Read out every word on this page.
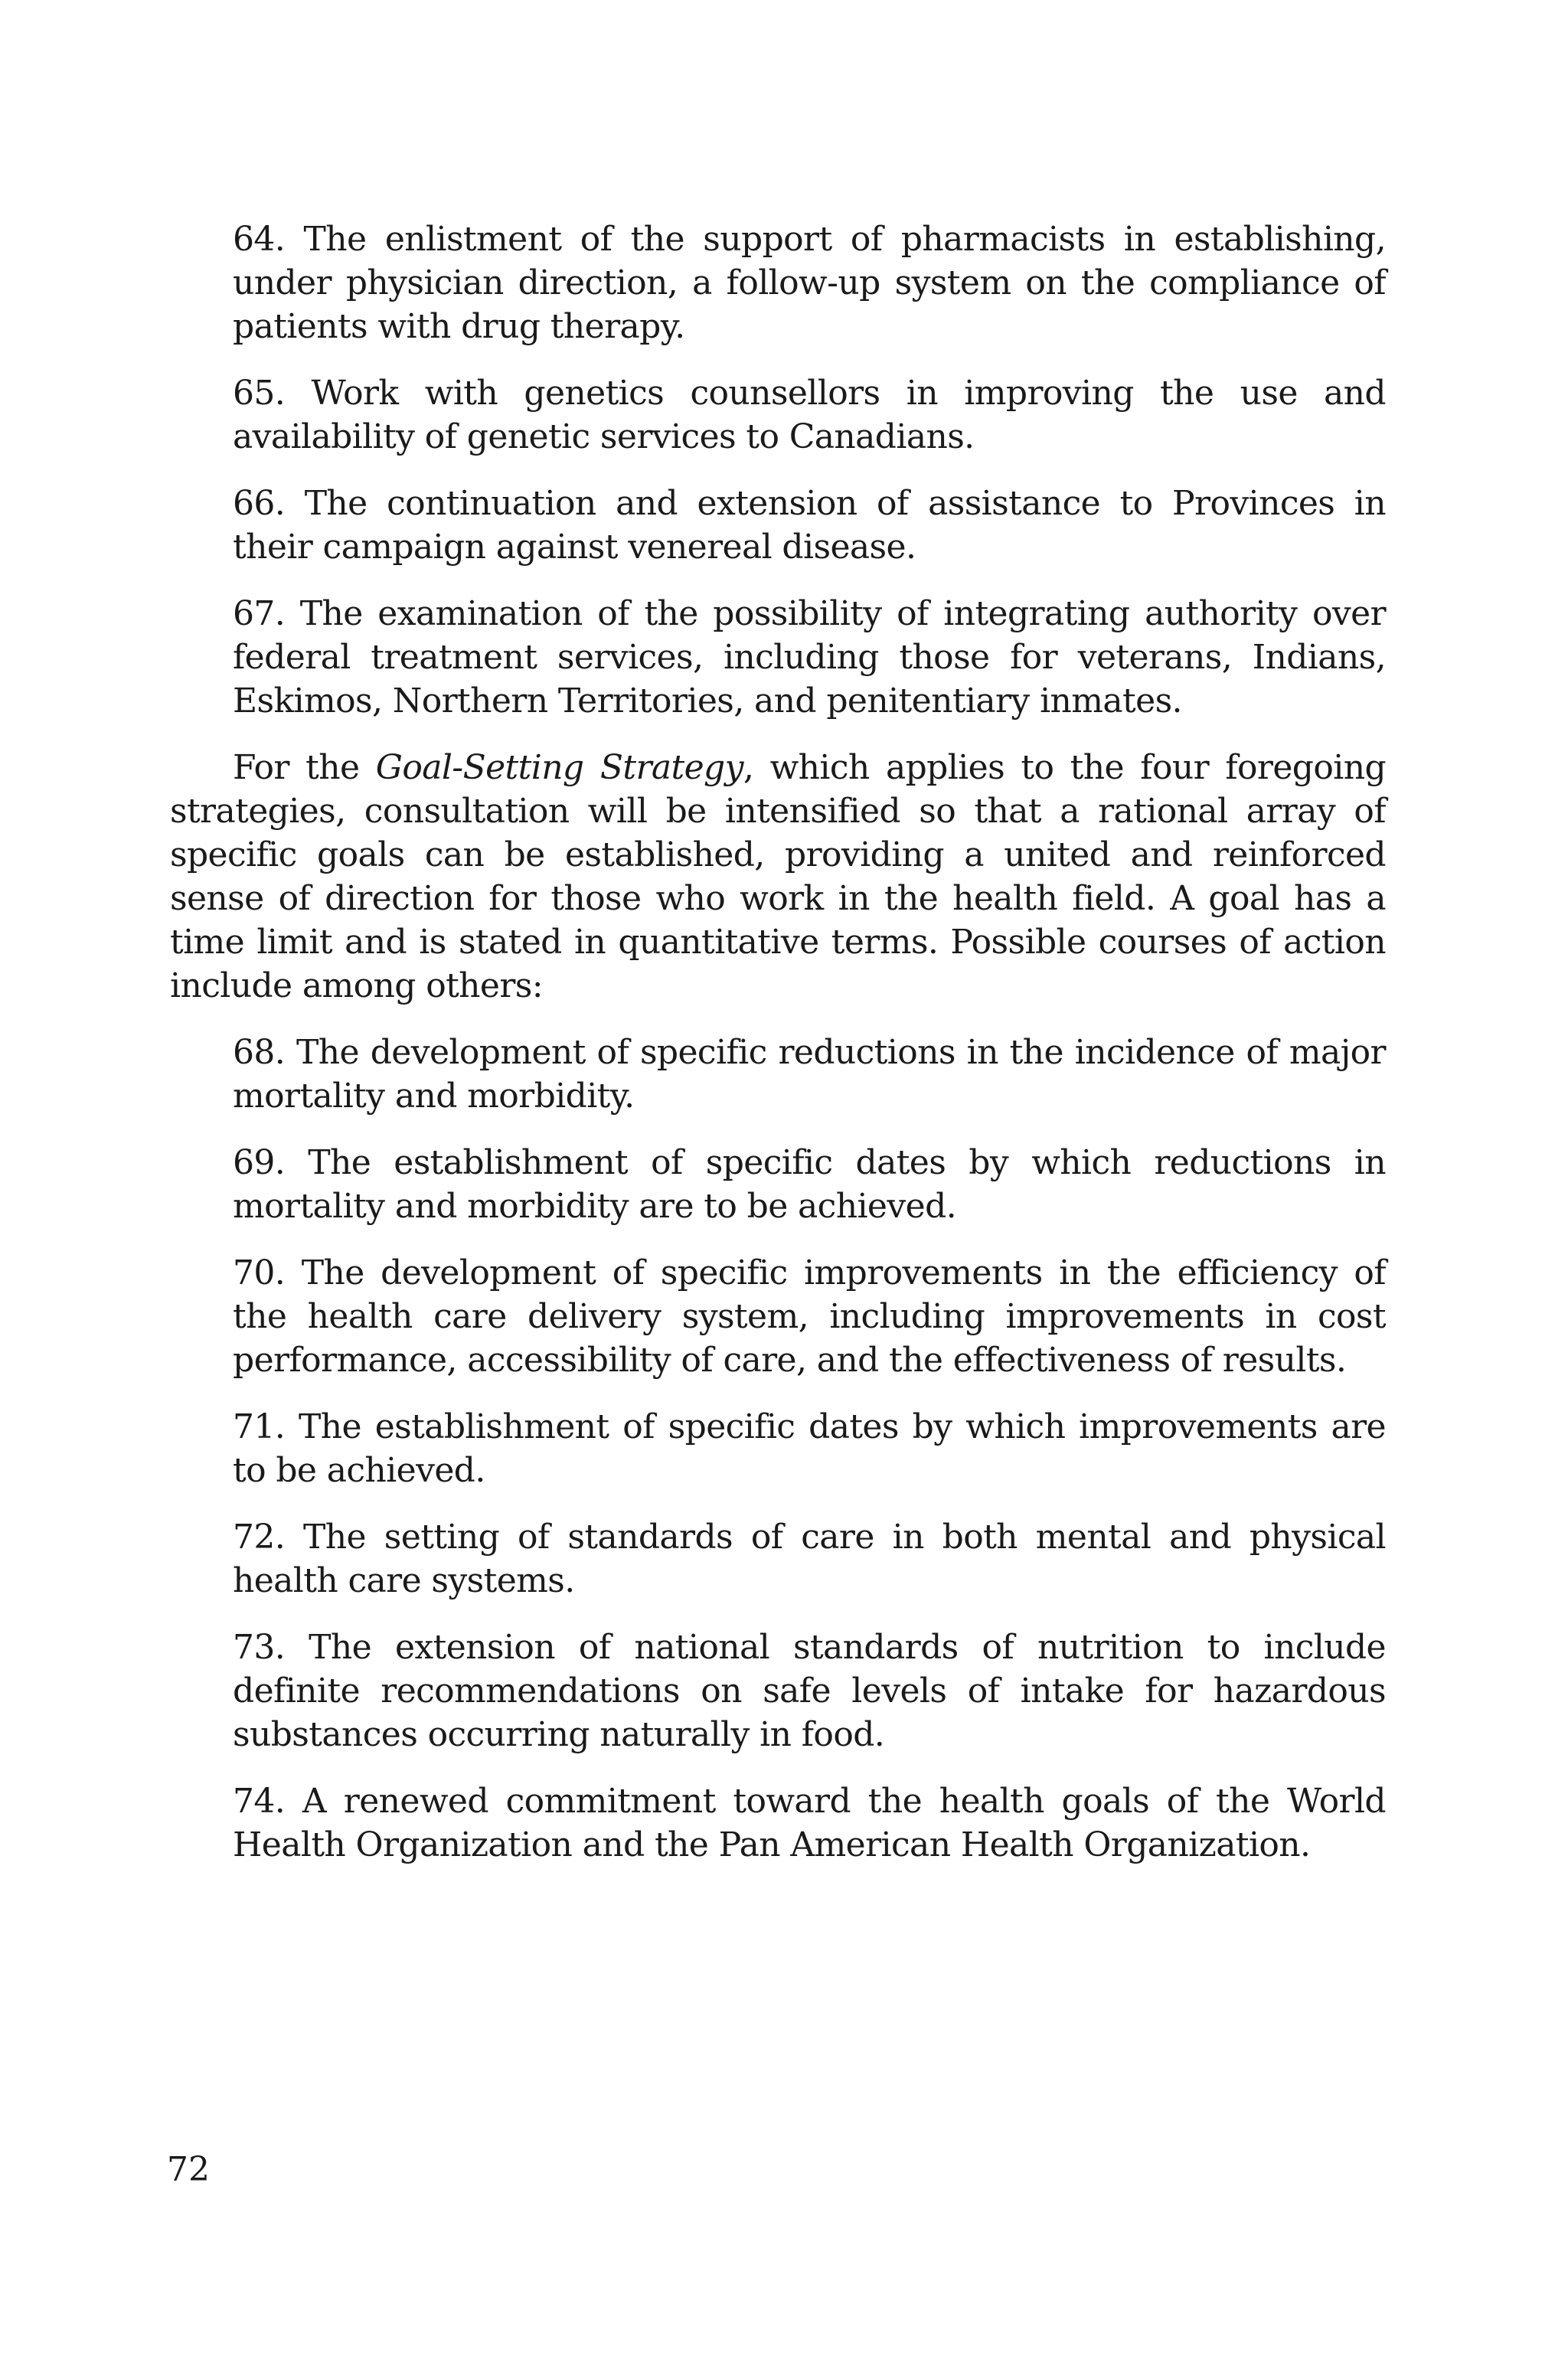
64. The enlistment of the support of pharmacists in establishing, under physician direction, a follow-up system on the compliance of patients with drug therapy.

65. Work with genetics counsellors in improving the use and availability of genetic services to Canadians.

66. The continuation and extension of assistance to Provinces in their campaign against venereal disease.

67. The examination of the possibility of integrating authority over federal treatment services, including those for veterans, Indians, Eskimos, Northern Territories, and penitentiary inmates.

For the Goal-Setting Strategy, which applies to the four foregoing strategies, consultation will be intensified so that a rational array of specific goals can be established, providing a united and reinforced sense of direction for those who work in the health field. A goal has a time limit and is stated in quantitative terms. Possible courses of action include among others:

68. The development of specific reductions in the incidence of major mortality and morbidity.

69. The establishment of specific dates by which reductions in mortality and morbidity are to be achieved.

70. The development of specific improvements in the efficiency of the health care delivery system, including improvements in cost performance, accessibility of care, and the effectiveness of results.

71. The establishment of specific dates by which improvements are to be achieved.

72. The setting of standards of care in both mental and physical health care systems.

73. The extension of national standards of nutrition to include definite recommendations on safe levels of intake for hazardous substances occurring naturally in food.

74. A renewed commitment toward the health goals of the World Health Organization and the Pan American Health Organization.

72
